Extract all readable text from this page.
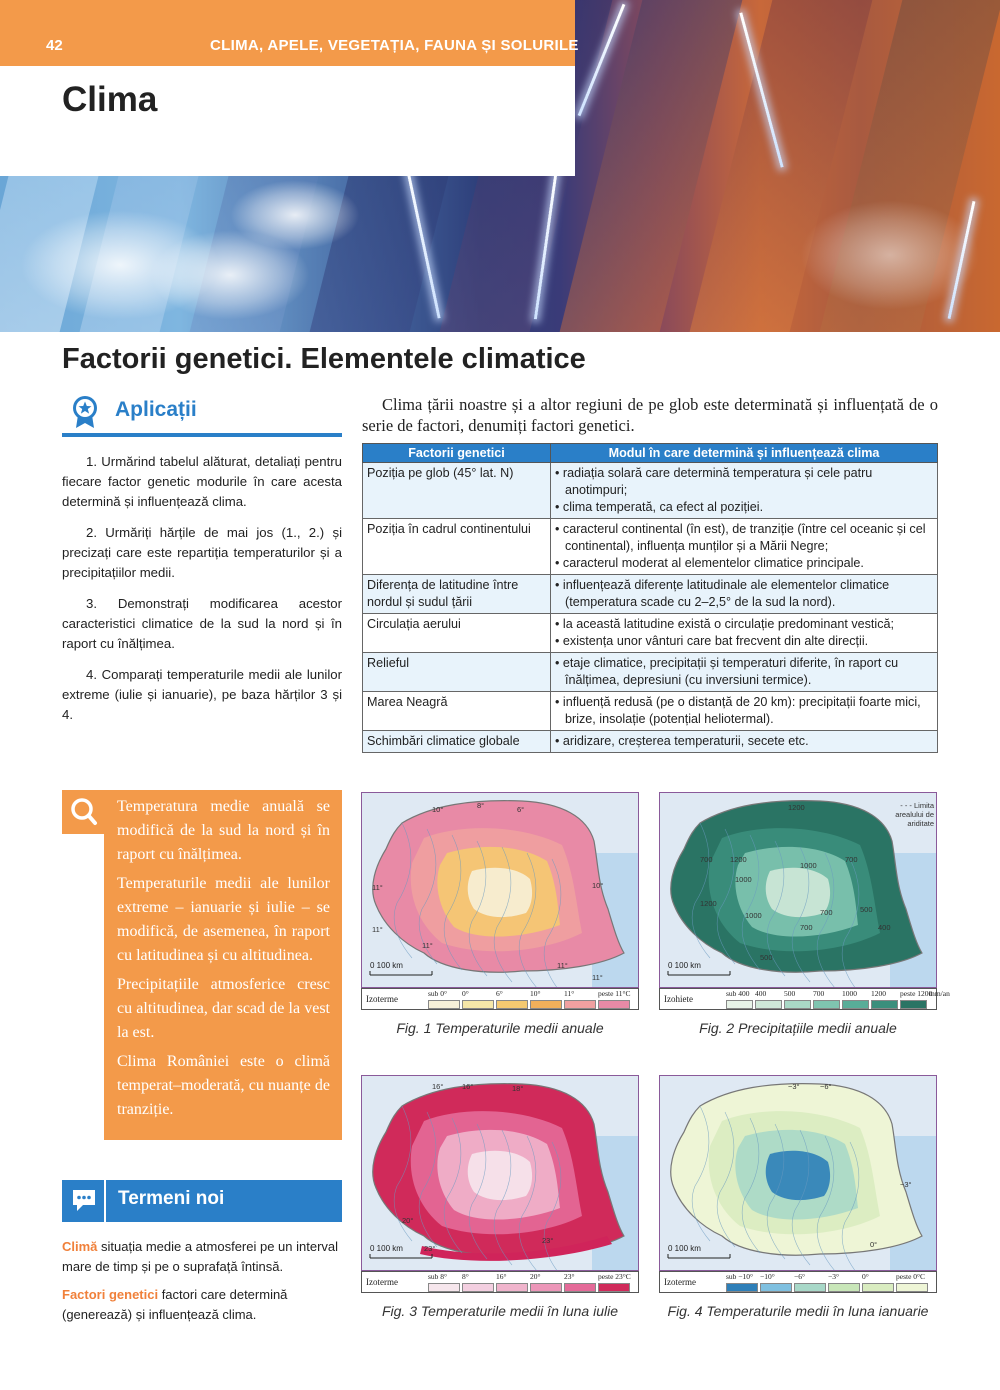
42	CLIMA, APELE, VEGETAȚIA, FAUNA ȘI SOLURILE
Clima
Factorii genetici. Elementele climatice
Aplicații

1. Urmărind tabelul alăturat, detaliați pentru fiecare factor genetic modurile în care acesta determină și influențează clima.

2. Urmăriți hărțile de mai jos (1., 2.) și precizați care este repartiția temperaturilor și a precipitațiilor medii.

3. Demonstrați modificarea acestor caracteristici climatice de la sud la nord și în raport cu înălțimea.

4. Comparați temperaturile medii ale lunilor extreme (iulie și ianuarie), pe baza hărților 3 și 4.

Clima țării noastre și a altor regiuni de pe glob este determinată și influențată de o serie de factori, denumiți factori genetici.
Factorii genetici	Modul în care determină și influențează clima
Poziția pe glob (45° lat. N)	• radiația solară care determină temperatura și cele patru anotimpuri;
• clima temperată, ca efect al poziției.

Poziția în cadrul continentului	• caracterul continental (în est), de tranziție (între cel oceanic și cel continental), influența munților și a Mării Negre;
• caracterul moderat al elementelor climatice principale.

Diferența de latitudine între nordul și sudul țării	• influențează diferențe latitudinale ale elementelor climatice (temperatura scade cu 2–2,5° de la sud la nord).

Circulația aerului	• la această latitudine există o circulație predominant vestică;
• existența unor vânturi care bat frecvent din alte direcții.

Relieful	• etaje climatice, precipitații și temperaturi diferite, în raport cu înălțimea, depresiuni (cu inversiuni termice).

Marea Neagră	• influență redusă (pe o distanță de 20 km): precipitații foarte mici, brize, insolație (potențial heliotermal).

Schimbări climatice globale	• aridizare, creșterea temperaturii, secete etc.

Temperatura medie anuală se modifică de la sud la nord și în raport cu înălțimea.

Temperaturile medii ale lunilor extreme – ianuarie și iulie – se modifică, de asemenea, în raport cu latitudinea și cu altitudinea.

Precipitațiile atmosferice cresc cu altitudinea, dar scad de la vest la est.

Clima României este o climă temperat–moderată, cu nuanțe de tranziție.

Termeni noi

Climă situația medie a atmosferei pe un interval mare de timp și pe o suprafață întinsă.

Factori genetici factori care determină (generează) și influențează clima.

0 100 km
10°	8°	6°
11°	10°
11°
11°
11°
11°
Izoterme
sub 0° 0°	6°	10°	11°	peste 11°C
Fig. 1 Temperaturile medii anuale
0 100 km
1200
700 1200
1000
1000
700
1200
1000	700
700
500
400
500
- - - Limita arealului de ariditate
Izohiete
sub 400 400 500 700 1000 1200 peste 1200
mm/an
Fig. 2 Precipitațiile medii anuale
0 100 km
16° 16°	18°
20°
23°
23°
Izoterme
sub 8° 8°	16°	20°	23°	peste 23°C
Fig. 3 Temperaturile medii în luna iulie
0 100 km
−3°	−6°
−3°
0°
Izoterme
sub −10° −10°	−6°	−3°	0°	peste 0°C
Fig. 4 Temperaturile medii în luna ianuarie
